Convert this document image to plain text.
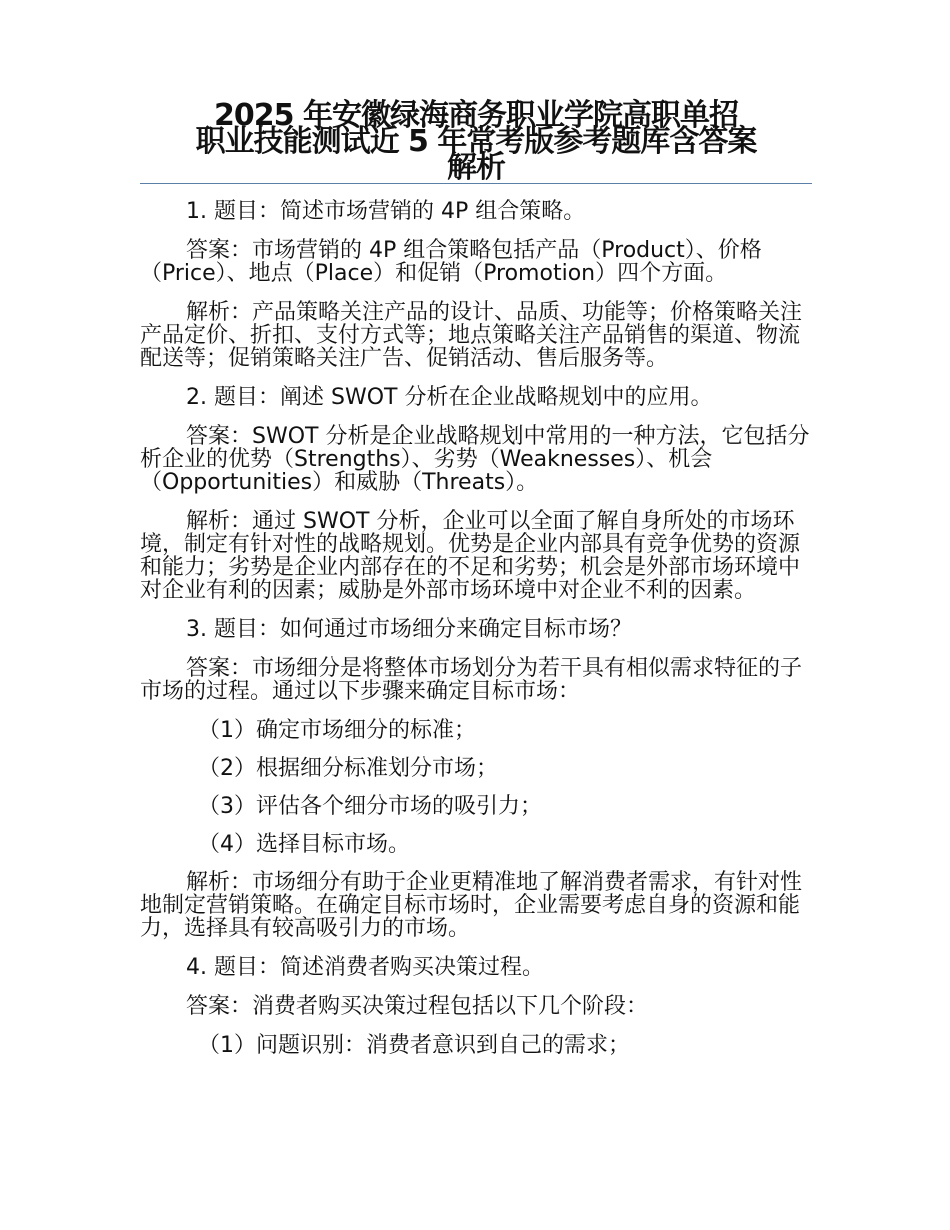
2025 年安徽绿海商务职业学院高职单招
职业技能测试近 5 年常考版参考题库含答案
解析

1. 题目：简述市场营销的 4P 组合策略。

答案：市场营销的 4P 组合策略包括产品（Product）、价格（Price）、地点（Place）和促销（Promotion）四个方面。

解析：产品策略关注产品的设计、品质、功能等；价格策略关注产品定价、折扣、支付方式等；地点策略关注产品销售的渠道、物流配送等；促销策略关注广告、促销活动、售后服务等。

2. 题目：阐述 SWOT 分析在企业战略规划中的应用。

答案：SWOT 分析是企业战略规划中常用的一种方法，它包括分析企业的优势（Strengths）、劣势（Weaknesses）、机会（Opportunities）和威胁（Threats）。

解析：通过 SWOT 分析，企业可以全面了解自身所处的市场环境，制定有针对性的战略规划。优势是企业内部具有竞争优势的资源和能力；劣势是企业内部存在的不足和劣势；机会是外部市场环境中对企业有利的因素；威胁是外部市场环境中对企业不利的因素。

3. 题目：如何通过市场细分来确定目标市场？

答案：市场细分是将整体市场划分为若干具有相似需求特征的子市场的过程。通过以下步骤来确定目标市场：

（1）确定市场细分的标准；

（2）根据细分标准划分市场；

（3）评估各个细分市场的吸引力；

（4）选择目标市场。

解析：市场细分有助于企业更精准地了解消费者需求，有针对性地制定营销策略。在确定目标市场时，企业需要考虑自身的资源和能力，选择具有较高吸引力的市场。

4. 题目：简述消费者购买决策过程。

答案：消费者购买决策过程包括以下几个阶段：

（1）问题识别：消费者意识到自己的需求；
